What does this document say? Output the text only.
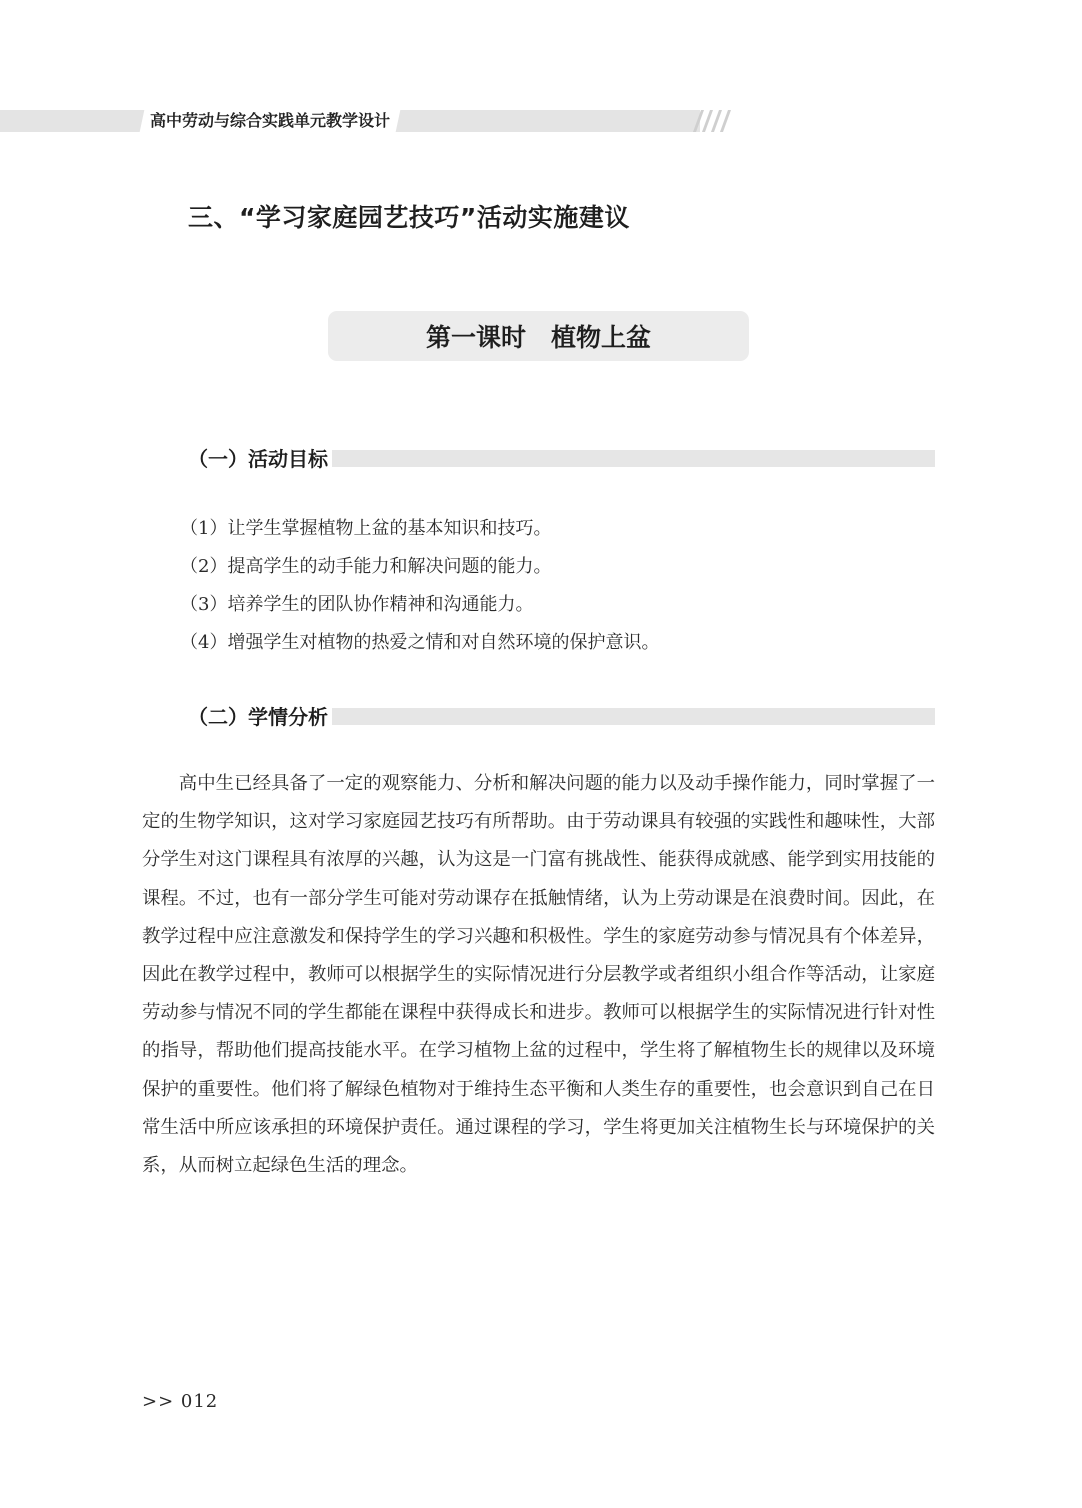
高中劳动与综合实践单元教学设计
三、“学习家庭园艺技巧”活动实施建议
第一课时　植物上盆
（一）活动目标
（1）让学生掌握植物上盆的基本知识和技巧。
（2）提高学生的动手能力和解决问题的能力。
（3）培养学生的团队协作精神和沟通能力。
（4）增强学生对植物的热爱之情和对自然环境的保护意识。
（二）学情分析

高中生已经具备了一定的观察能力、分析和解决问题的能力以及动手操作能力，同时掌握了一定的生物学知识，这对学习家庭园艺技巧有所帮助。由于劳动课具有较强的实践性和趣味性，大部分学生对这门课程具有浓厚的兴趣，认为这是一门富有挑战性、能获得成就感、能学到实用技能的课程。不过，也有一部分学生可能对劳动课存在抵触情绪，认为上劳动课是在浪费时间。因此，在教学过程中应注意激发和保持学生的学习兴趣和积极性。学生的家庭劳动参与情况具有个体差异，因此在教学过程中，教师可以根据学生的实际情况进行分层教学或者组织小组合作等活动，让家庭劳动参与情况不同的学生都能在课程中获得成长和进步。教师可以根据学生的实际情况进行针对性的指导，帮助他们提高技能水平。在学习植物上盆的过程中，学生将了解植物生长的规律以及环境保护的重要性。他们将了解绿色植物对于维持生态平衡和人类生存的重要性，也会意识到自己在日常生活中所应该承担的环境保护责任。通过课程的学习，学生将更加关注植物生长与环境保护的关系，从而树立起绿色生活的理念。

>> 012
